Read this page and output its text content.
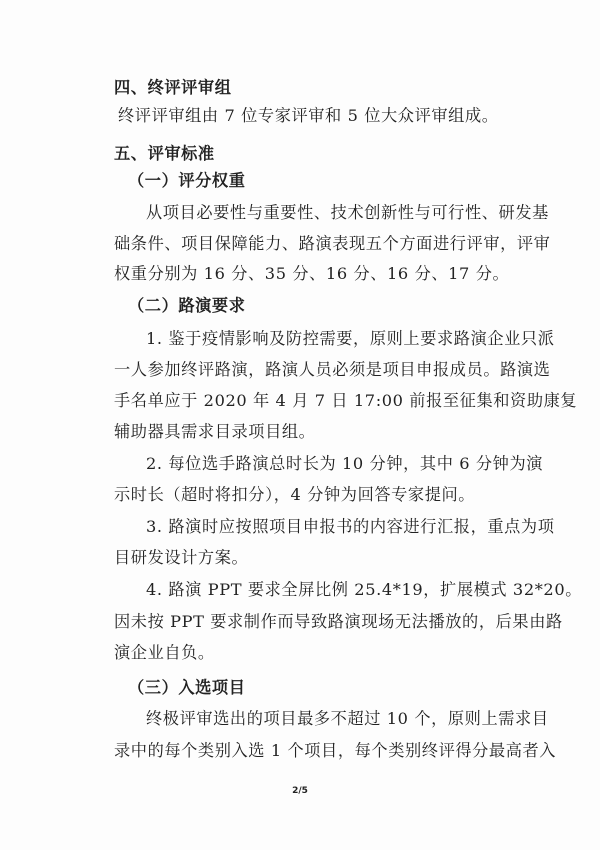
四、终评评审组
终评评审组由 7 位专家评审和 5 位大众评审组成。
五、评审标准
（一）评分权重
从项目必要性与重要性、技术创新性与可行性、研发基
础条件、项目保障能力、路演表现五个方面进行评审，评审
权重分别为 16 分、35 分、16 分、16 分、17 分。
（二）路演要求
1. 鉴于疫情影响及防控需要，原则上要求路演企业只派
一人参加终评路演，路演人员必须是项目申报成员。路演选
手名单应于 2020 年 4 月 7 日 17:00 前报至征集和资助康复
辅助器具需求目录项目组。
2. 每位选手路演总时长为 10 分钟，其中 6 分钟为演
示时长（超时将扣分），4 分钟为回答专家提问。
3. 路演时应按照项目申报书的内容进行汇报，重点为项
目研发设计方案。
4. 路演 PPT 要求全屏比例 25.4*19，扩展模式 32*20。
因未按 PPT 要求制作而导致路演现场无法播放的，后果由路
演企业自负。
（三）入选项目
终极评审选出的项目最多不超过 10 个，原则上需求目
录中的每个类别入选 1 个项目，每个类别终评得分最高者入
2/5
